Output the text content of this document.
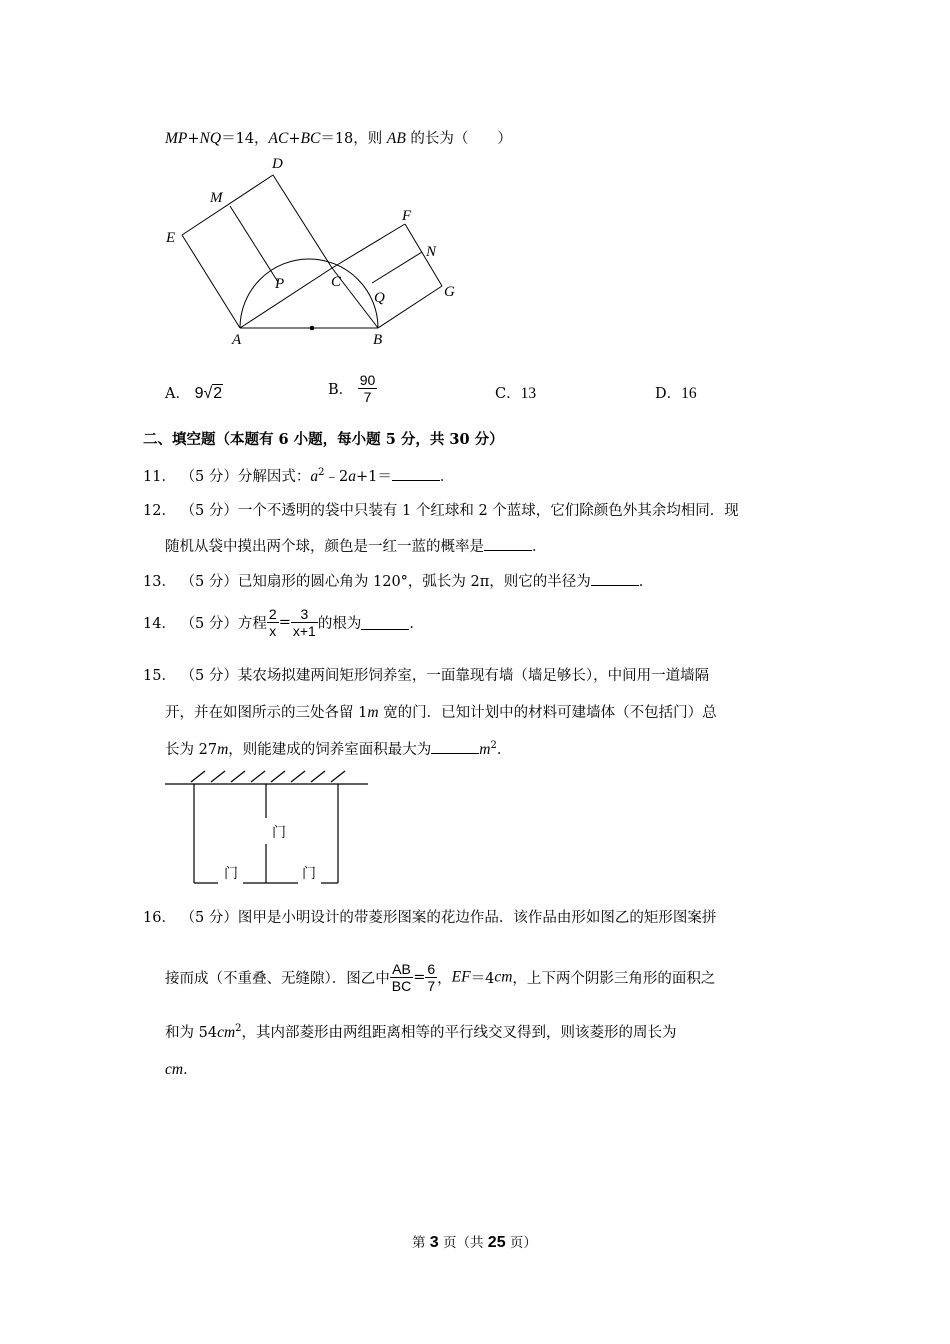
MP+NQ＝14，AC+BC＝18，则 AB 的长为（　　）
D
M
E
F
N
P	C
Q	G
A	B
A． 9√2	B． $\frac{90}{7}$	C．13	D．16
二、填空题（本题有 6 小题，每小题 5 分，共 30 分）
11． （5 分）分解因式：$a^2﹣2a+1=$	．
12． （5 分）一个不透明的袋中只装有 1 个红球和 2 个蓝球，它们除颜色外其余均相同．现
随机从袋中摸出两个球，颜色是一红一蓝的概率是	．
13． （5 分）已知扇形的圆心角为 120°，弧长为 2π，则它的半径为	．
14． （5 分）方程 $\frac{2}{x} = \frac{3}{x+1}$ 的根为	．
15． （5 分）某农场拟建两间矩形饲养室，一面靠现有墙（墙足够长），中间用一道墙隔
开，并在如图所示的三处各留 1m 宽的门．已知计划中的材料可建墙体（不包括门）总
长为 27m，则能建成的饲养室面积最大为	$m^2$．
门
门	门
16． （5 分）图甲是小明设计的带菱形图案的花边作品．该作品由形如图乙的矩形图案拼
接而成（不重叠、无缝隙）．图乙中 $\frac{AB}{BC} = \frac{6}{7}$ ，EF＝4cm，上下两个阴影三角形的面积之
和为 $54cm^2$，其内部菱形由两组距离相等的平行线交叉得到，则该菱形的周长为
cm．
第 3 页（共 25 页）
